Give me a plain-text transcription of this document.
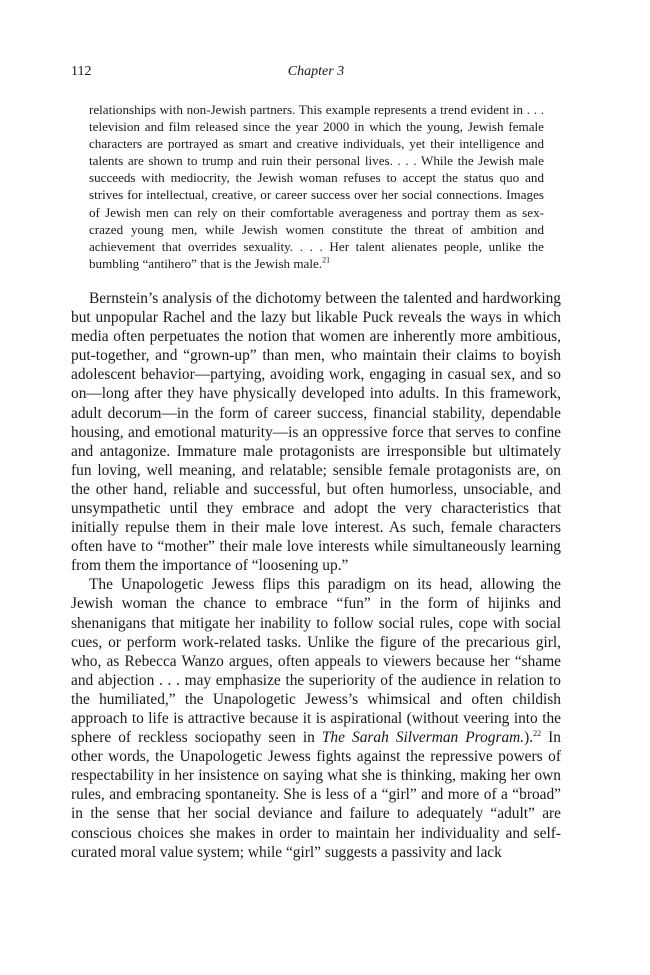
112	Chapter 3
relationships with non-Jewish partners. This example represents a trend evident in . . . television and film released since the year 2000 in which the young, Jewish female characters are portrayed as smart and creative individuals, yet their intelligence and talents are shown to trump and ruin their personal lives. . . . While the Jewish male succeeds with mediocrity, the Jewish woman refuses to accept the status quo and strives for intellectual, creative, or career success over her social connections. Images of Jewish men can rely on their comfortable averageness and portray them as sex-crazed young men, while Jewish women constitute the threat of ambition and achievement that overrides sexuality. . . . Her talent alienates people, unlike the bumbling “antihero” that is the Jewish male.$^{21}$

Bernstein’s analysis of the dichotomy between the talented and hardworking but unpopular Rachel and the lazy but likable Puck reveals the ways in which media often perpetuates the notion that women are inherently more ambitious, put-together, and “grown-up” than men, who maintain their claims to boyish adolescent behavior—partying, avoiding work, engaging in casual sex, and so on—long after they have physically developed into adults. In this framework, adult decorum—in the form of career success, financial stability, dependable housing, and emotional maturity—is an oppressive force that serves to confine and antagonize. Immature male protagonists are irresponsible but ultimately fun loving, well meaning, and relatable; sensible female protagonists are, on the other hand, reliable and successful, but often humorless, unsociable, and unsympathetic until they embrace and adopt the very characteristics that initially repulse them in their male love interest. As such, female characters often have to “mother” their male love interests while simultaneously learning from them the importance of “loosening up.”

The Unapologetic Jewess flips this paradigm on its head, allowing the Jewish woman the chance to embrace “fun” in the form of hijinks and shenanigans that mitigate her inability to follow social rules, cope with social cues, or perform work-related tasks. Unlike the figure of the precarious girl, who, as Rebecca Wanzo argues, often appeals to viewers because her “shame and abjection . . . may emphasize the superiority of the audience in relation to the humiliated,” the Unapologetic Jewess’s whimsical and often childish approach to life is attractive because it is aspirational (without veering into the sphere of reckless sociopathy seen in The Sarah Silverman Program.).$^{22}$ In other words, the Unapologetic Jewess fights against the repressive powers of respectability in her insistence on saying what she is thinking, making her own rules, and embracing spontaneity. She is less of a “girl” and more of a “broad” in the sense that her social deviance and failure to adequately “adult” are conscious choices she makes in order to maintain her individuality and self-curated moral value system; while “girl” suggests a passivity and lack
